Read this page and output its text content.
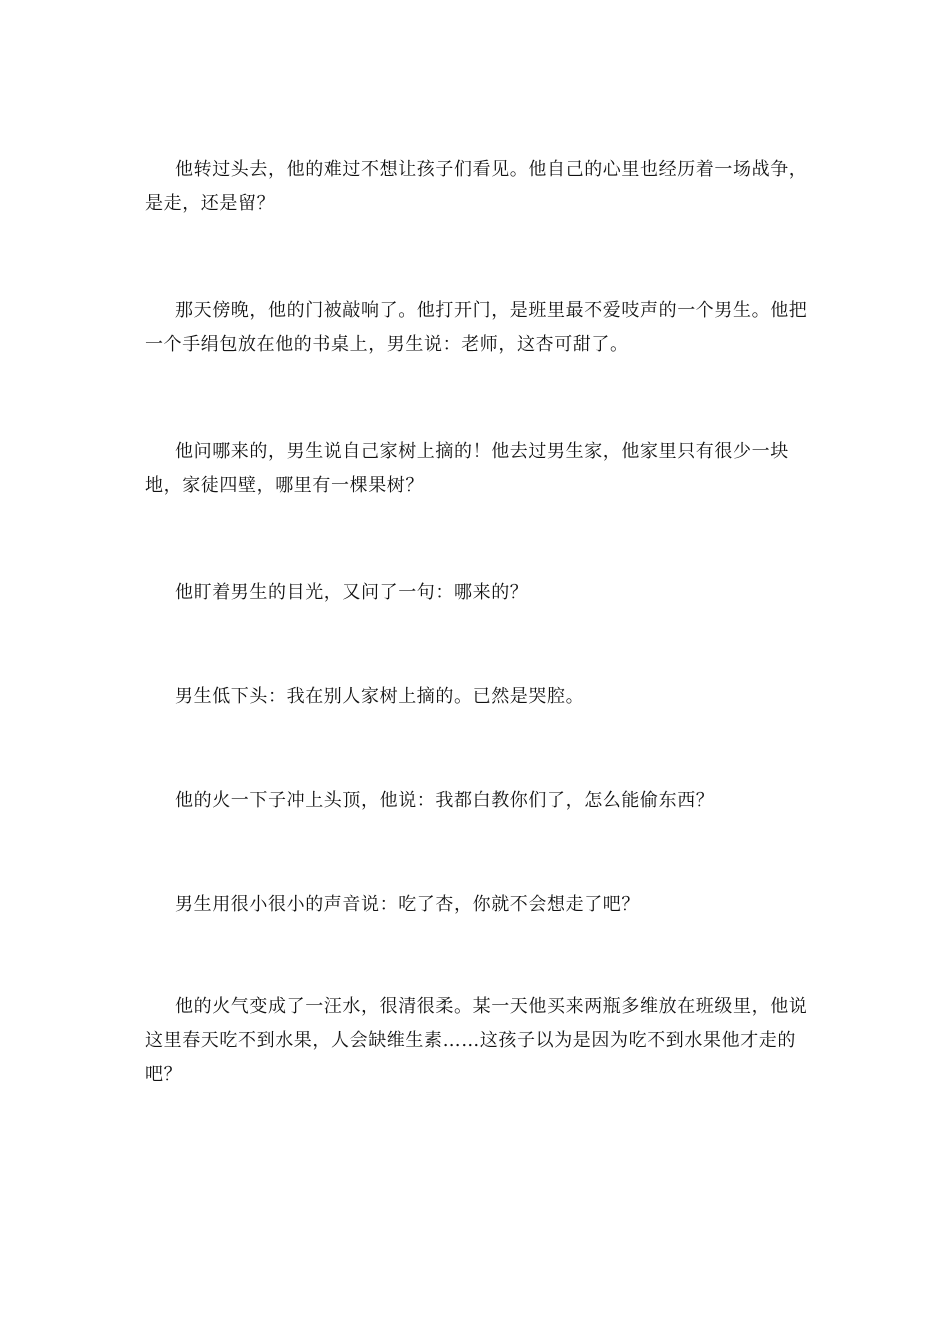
他转过头去，他的难过不想让孩子们看见。他自己的心里也经历着一场战争，是走，还是留？

那天傍晚，他的门被敲响了。他打开门，是班里最不爱吱声的一个男生。他把一个手绢包放在他的书桌上，男生说：老师，这杏可甜了。

他问哪来的，男生说自己家树上摘的！他去过男生家，他家里只有很少一块地，家徒四壁，哪里有一棵果树？

他盯着男生的目光，又问了一句：哪来的？

男生低下头：我在别人家树上摘的。已然是哭腔。

他的火一下子冲上头顶，他说：我都白教你们了，怎么能偷东西？

男生用很小很小的声音说：吃了杏，你就不会想走了吧？

他的火气变成了一汪水，很清很柔。某一天他买来两瓶多维放在班级里，他说这里春天吃不到水果，人会缺维生素……这孩子以为是因为吃不到水果他才走的吧？
